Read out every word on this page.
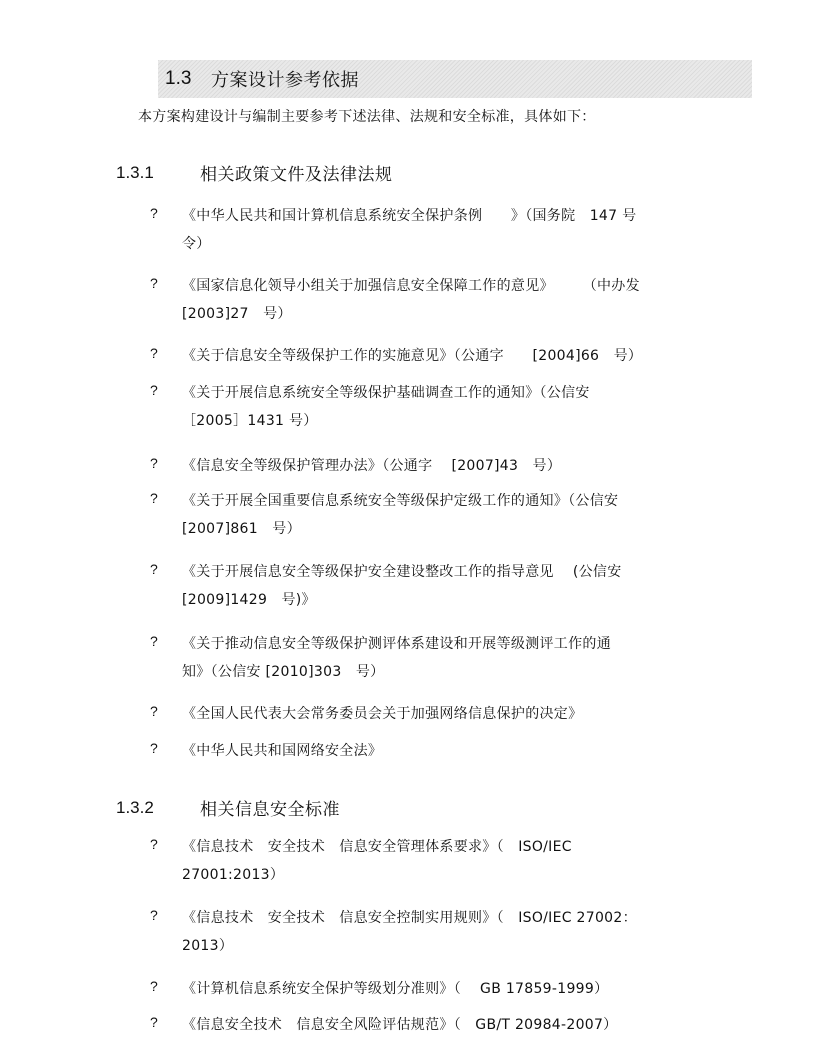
1.3	方案设计参考依据
本方案构建设计与编制主要参考下述法律、法规和安全标准，具体如下：
1.3.1	相关政策文件及法律法规
? 《中华人民共和国计算机信息系统安全保护条例　　》（国务院　147 号
令）
? 《国家信息化领导小组关于加强信息安全保障工作的意见》　　　（中办发
[2003]27　号）
? 《关于信息安全等级保护工作的实施意见》（公通字　　[2004]66　号）
? 《关于开展信息系统安全等级保护基础调查工作的通知》（公信安
［2005］1431 号）
? 《信息安全等级保护管理办法》（公通字　 [2007]43　号）
? 《关于开展全国重要信息系统安全等级保护定级工作的通知》（公信安
[2007]861　号）
? 《关于开展信息安全等级保护安全建设整改工作的指导意见　 (公信安
[2009]1429　号)》
? 《关于推动信息安全等级保护测评体系建设和开展等级测评工作的通
知》（公信安 [2010]303　号）
? 《全国人民代表大会常务委员会关于加强网络信息保护的决定》
? 《中华人民共和国网络安全法》
1.3.2	相关信息安全标准
? 《信息技术　安全技术　信息安全管理体系要求》（　ISO/IEC
27001:2013）
? 《信息技术　安全技术　信息安全控制实用规则》（　ISO/IEC 27002：
2013）
? 《计算机信息系统安全保护等级划分准则》（　 GB 17859-1999）
? 《信息安全技术　信息安全风险评估规范》（　GB/T 20984-2007）
